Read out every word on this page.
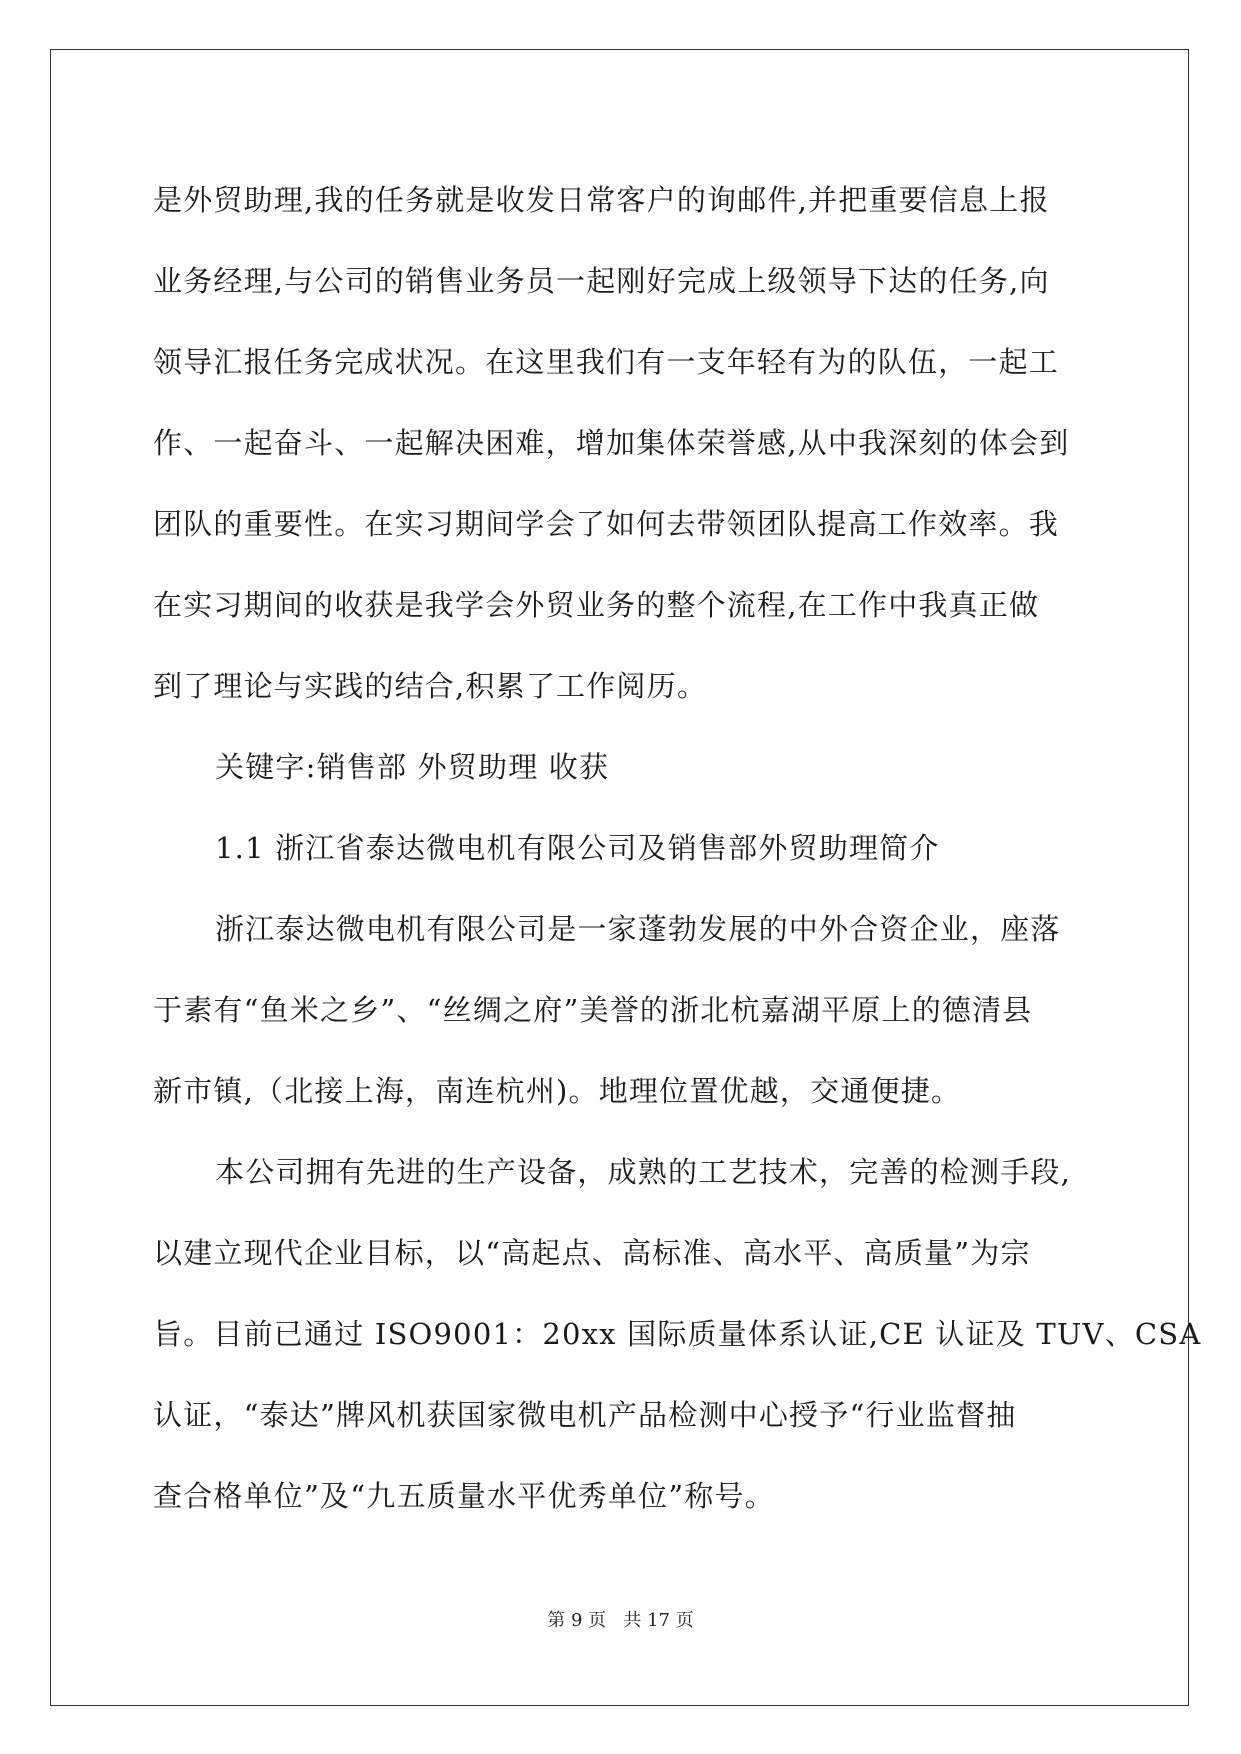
是外贸助理,我的任务就是收发日常客户的询邮件,并把重要信息上报
业务经理,与公司的销售业务员一起刚好完成上级领导下达的任务,向
领导汇报任务完成状况。在这里我们有一支年轻有为的队伍，一起工
作、一起奋斗、一起解决困难，增加集体荣誉感,从中我深刻的体会到
团队的重要性。在实习期间学会了如何去带领团队提高工作效率。我
在实习期间的收获是我学会外贸业务的整个流程,在工作中我真正做
到了理论与实践的结合,积累了工作阅历。
关键字:销售部 外贸助理 收获
1.1 浙江省泰达微电机有限公司及销售部外贸助理简介
浙江泰达微电机有限公司是一家蓬勃发展的中外合资企业，座落
于素有“鱼米之乡”、“丝绸之府”美誉的浙北杭嘉湖平原上的德清县
新市镇,（北接上海，南连杭州)。地理位置优越，交通便捷。
本公司拥有先进的生产设备，成熟的工艺技术，完善的检测手段,
以建立现代企业目标，以“高起点、高标准、高水平、高质量”为宗
旨。目前已通过 ISO9001：20xx 国际质量体系认证,CE 认证及 TUV、CSA
认证，“泰达”牌风机获国家微电机产品检测中心授予“行业监督抽
查合格单位”及“九五质量水平优秀单位”称号。
第 9 页   共 17 页
